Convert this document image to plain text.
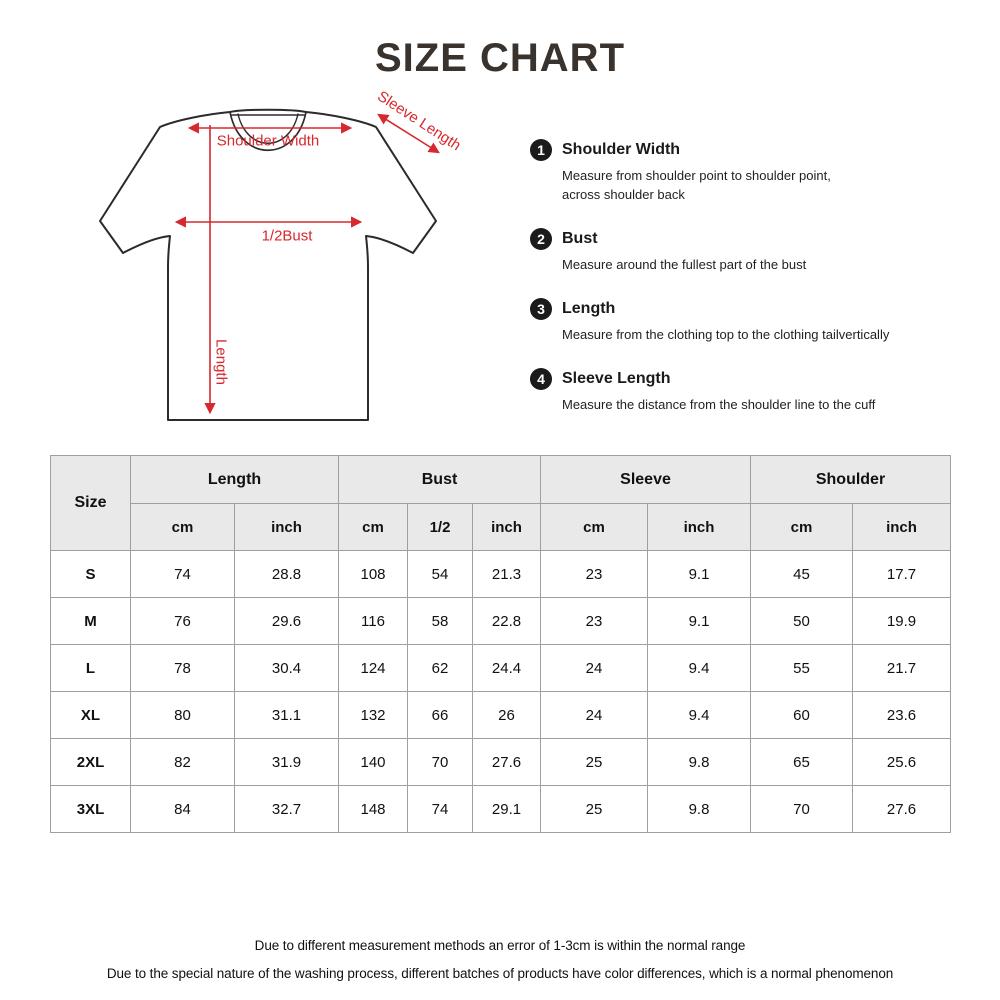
SIZE CHART
Shoulder Width
1/2Bust
Length
Sleeve Length	1	Shoulder Width
Measure from shoulder point to shoulder point,
across shoulder back
2	Bust
Measure around the fullest part of the bust
3	Length
Measure from the clothing top to the clothing tailvertically
4	Sleeve Length
Measure the distance from the shoulder line to the cuff
Size	Length		Bust			Sleeve		Shoulder	
	cm	inch	cm	1/2	inch	cm	inch	cm	inch
S	74	28.8	108	54	21.3	23	9.1	45	17.7
M	76	29.6	116	58	22.8	23	9.1	50	19.9
L	78	30.4	124	62	24.4	24	9.4	55	21.7
XL	80	31.1	132	66	26	24	9.4	60	23.6
2XL	82	31.9	140	70	27.6	25	9.8	65	25.6
3XL	84	32.7	148	74	29.1	25	9.8	70	27.6
Due to different measurement methods an error of 1-3cm is within the normal range
Due to the special nature of the washing process, different batches of products have color differences, which is a normal phenomenon
